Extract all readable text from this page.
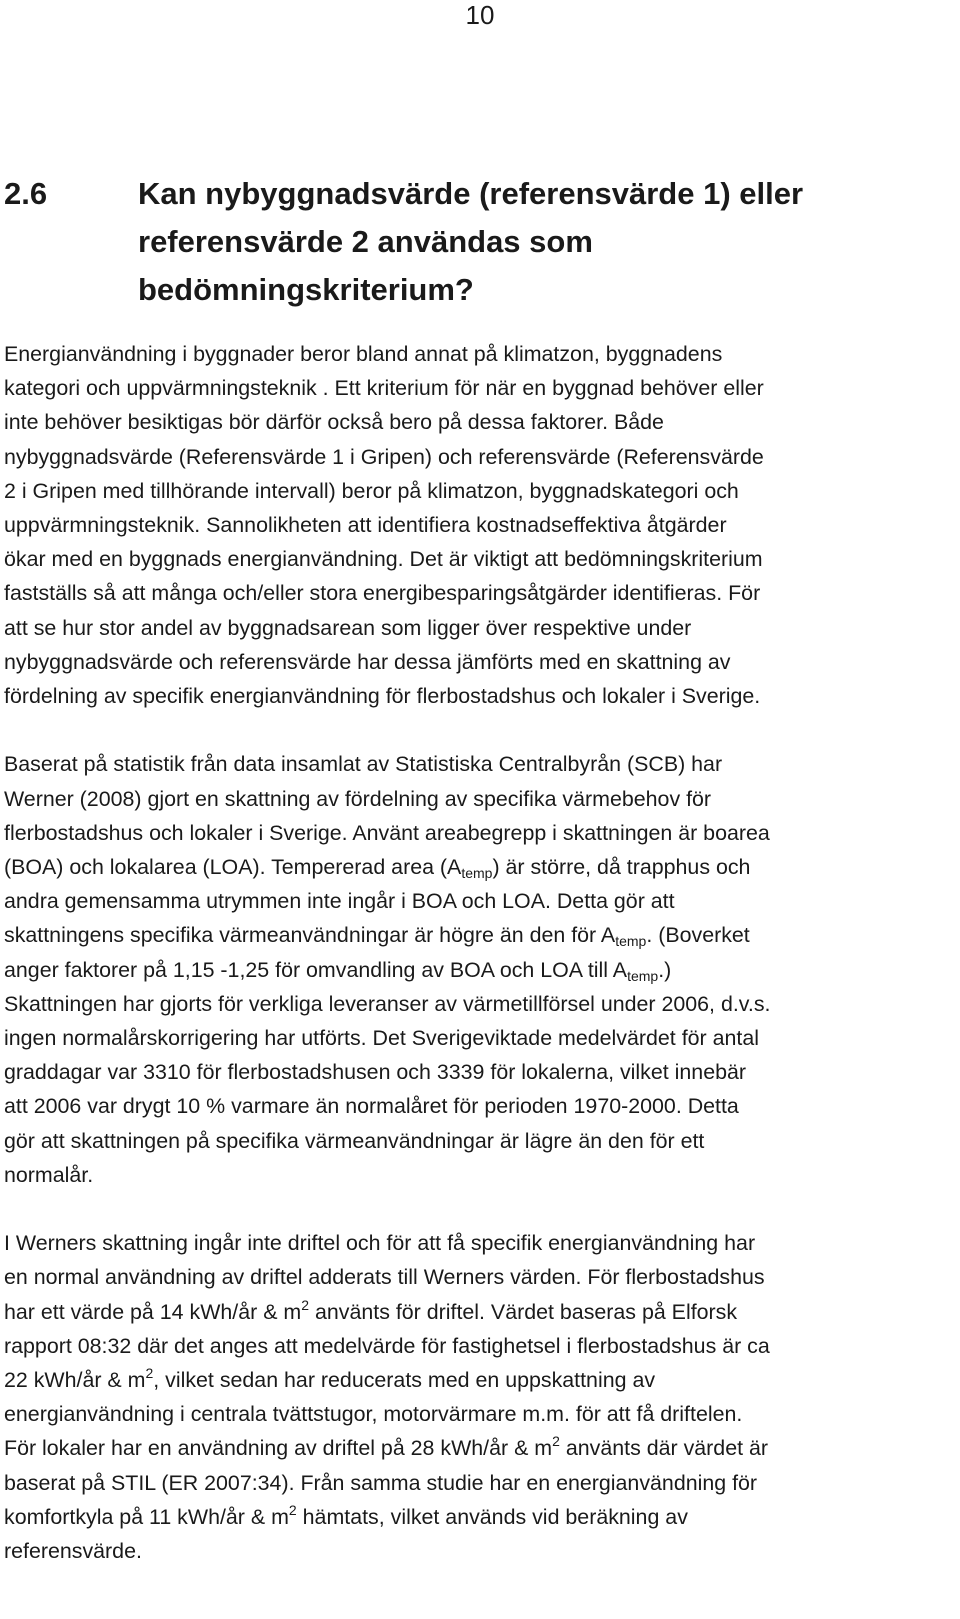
10
2.6	Kan nybyggnadsvärde (referensvärde 1) eller
referensvärde 2 användas som
bedömningskriterium?

Energianvändning i byggnader beror bland annat på klimatzon, byggnadens
kategori och uppvärmningsteknik . Ett kriterium för när en byggnad behöver eller
inte behöver besiktigas bör därför också bero på dessa faktorer. Både
nybyggnadsvärde (Referensvärde 1 i Gripen) och referensvärde (Referensvärde
2 i Gripen med tillhörande intervall) beror på klimatzon, byggnadskategori och
uppvärmningsteknik. Sannolikheten att identifiera kostnadseffektiva åtgärder
ökar med en byggnads energianvändning. Det är viktigt att bedömningskriterium
fastställs så att många och/eller stora energibesparingsåtgärder identifieras. För
att se hur stor andel av byggnadsarean som ligger över respektive under
nybyggnadsvärde och referensvärde har dessa jämförts med en skattning av
fördelning av specifik energianvändning för flerbostadshus och lokaler i Sverige.

Baserat på statistik från data insamlat av Statistiska Centralbyrån (SCB) har
Werner (2008) gjort en skattning av fördelning av specifika värmebehov för
flerbostadshus och lokaler i Sverige. Använt areabegrepp i skattningen är boarea
(BOA) och lokalarea (LOA). Tempererad area $(A_{temp})$ är större, då trapphus och
andra gemensamma utrymmen inte ingår i BOA och LOA. Detta gör att
skattningens specifika värmeanvändningar är högre än den för $A_{temp}$. (Boverket
anger faktorer på 1,15 -1,25 för omvandling av BOA och LOA till $A_{temp}$.)
Skattningen har gjorts för verkliga leveranser av värmetillförsel under 2006, d.v.s.
ingen normalårskorrigering har utförts. Det Sverigeviktade medelvärdet för antal
graddagar var 3310 för flerbostadshusen och 3339 för lokalerna, vilket innebär
att 2006 var drygt 10 % varmare än normalåret för perioden 1970-2000. Detta
gör att skattningen på specifika värmeanvändningar är lägre än den för ett
normalår.

I Werners skattning ingår inte driftel och för att få specifik energianvändning har
en normal användning av driftel adderats till Werners värden. För flerbostadshus
har ett värde på 14 kWh/år & $m^2$ använts för driftel. Värdet baseras på Elforsk
rapport 08:32 där det anges att medelvärde för fastighetsel i flerbostadshus är ca
22 kWh/år & $m^2$, vilket sedan har reducerats med en uppskattning av
energianvändning i centrala tvättstugor, motorvärmare m.m. för att få driftelen.
För lokaler har en användning av driftel på 28 kWh/år & $m^2$ använts där värdet är
baserat på STIL (ER 2007:34). Från samma studie har en energianvändning för
komfortkyla på 11 kWh/år & $m^2$ hämtats, vilket används vid beräkning av
referensvärde.
